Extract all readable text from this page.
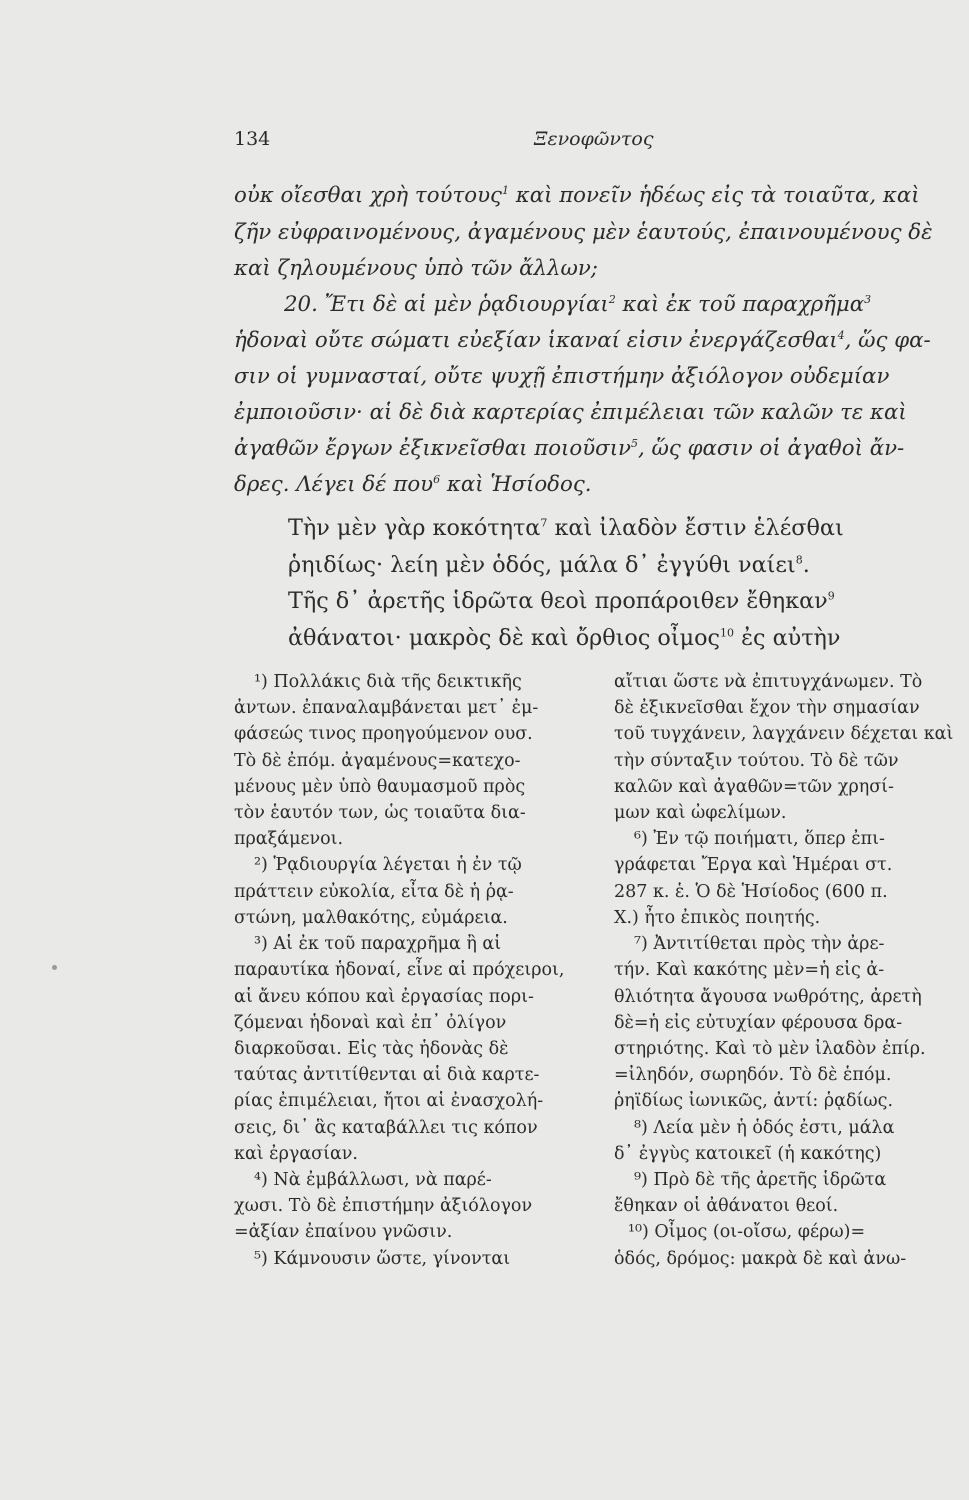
134	Ξενοφῶντος
οὐκ οἴεσθαι χρὴ τούτους$^1$ καὶ πονεῖν ἡδέως εἰς τὰ τοιαῦτα, καὶ
ζῆν εὐφραινομένους, ἀγαμένους μὲν ἑαυτούς, ἐπαινουμένους δὲ
καὶ ζηλουμένους ὑπὸ τῶν ἄλλων;
20. Ἔτι δὲ αἱ μὲν ῥᾳδιουργίαι$^2$ καὶ ἐκ τοῦ παραχρῆμα$^3$
ἡδοναὶ οὔτε σώματι εὐεξίαν ἱκαναί εἰσιν ἐνεργάζεσθαι$^4$, ὥς φα-
σιν οἱ γυμνασταί, οὔτε ψυχῇ ἐπιστήμην ἀξιόλογον οὐδεμίαν
ἐμποιοῦσιν· αἱ δὲ διὰ καρτερίας ἐπιμέλειαι τῶν καλῶν τε καὶ
ἀγαθῶν ἔργων ἐξικνεῖσθαι ποιοῦσιν$^5$, ὥς φασιν οἱ ἀγαθοὶ ἄν-
δρες. Λέγει δέ που$^6$ καὶ Ἡσίοδος.
Τὴν μὲν γὰρ κοκότητα$^7$ καὶ ἰλαδὸν ἔστιν ἑλέσθαι
ῥηιδίως· λείη μὲν ὁδός, μάλα δ᾽ ἐγγύθι ναίει$^8$.
Τῆς δ᾽ ἀρετῆς ἱδρῶτα θεοὶ προπάροιθεν ἔθηκαν$^9$
ἀθάνατοι· μακρὸς δὲ καὶ ὄρθιος οἶμος$^{10}$ ἐς αὐτὴν
¹) Πολλάκις διὰ τῆς δεικτικῆς
ἀντων. ἐπαναλαμβάνεται μετ᾽ ἐμ-
φάσεώς τινος προηγούμενον ουσ.
Τὸ δὲ ἐπόμ. ἀγαμένους=κατεχο-
μένους μὲν ὑπὸ θαυμασμοῦ πρὸς
τὸν ἑαυτόν των, ὡς τοιαῦτα δια-
πραξάμενοι.
²) Ῥᾳδιουργία λέγεται ἡ ἐν τῷ
πράττειν εὐκολία, εἶτα δὲ ἡ ῥᾳ-
στώνη, μαλθακότης, εὐμάρεια.
³) Αἱ ἐκ τοῦ παραχρῆμα ἢ αἱ
παραυτίκα ἡδοναί, εἶνε αἱ πρόχειροι,
αἱ ἄνευ κόπου καὶ ἐργασίας πορι-
ζόμεναι ἡδοναὶ καὶ ἐπ᾽ ὀλίγον
διαρκοῦσαι. Εἰς τὰς ἡδονὰς δὲ
ταύτας ἀντιτίθενται αἱ διὰ καρτε-
ρίας ἐπιμέλειαι, ἤτοι αἱ ἐνασχολή-
σεις, δι᾽ ἃς καταβάλλει τις κόπον
καὶ ἐργασίαν.
⁴) Νὰ ἐμβάλλωσι, νὰ παρέ-
χωσι. Τὸ δὲ ἐπιστήμην ἀξιόλογον
=ἀξίαν ἐπαίνου γνῶσιν.
⁵) Κάμνουσιν ὥστε, γίνονται
αἴτιαι ὥστε νὰ ἐπιτυγχάνωμεν. Τὸ
δὲ ἐξικνεῖσθαι ἔχον τὴν σημασίαν
τοῦ τυγχάνειν, λαγχάνειν δέχεται καὶ
τὴν σύνταξιν τούτου. Τὸ δὲ τῶν
καλῶν καὶ ἀγαθῶν=τῶν χρησί-
μων καὶ ὠφελίμων.
⁶) Ἐν τῷ ποιήματι, ὅπερ ἐπι-
γράφεται Ἔργα καὶ Ἡμέραι στ.
287 κ. ἑ. Ὁ δὲ Ἡσίοδος (600 π.
Χ.) ἦτο ἐπικὸς ποιητής.
⁷) Ἀντιτίθεται πρὸς τὴν ἀρε-
τήν. Καὶ κακότης μὲν=ἡ εἰς ἀ-
θλιότητα ἄγουσα νωθρότης, ἀρετὴ
δὲ=ἡ εἰς εὐτυχίαν φέρουσα δρα-
στηριότης. Καὶ τὸ μὲν ἰλαδὸν ἐπίρ.
=ἰληδόν, σωρηδόν. Τὸ δὲ ἑπόμ.
ῥηϊδίως ἰωνικῶς, ἀντί: ῥᾳδίως.
⁸) Λεία μὲν ἡ ὁδός ἐστι, μάλα
δ᾽ ἐγγὺς κατοικεῖ (ἡ κακότης)
⁹) Πρὸ δὲ τῆς ἀρετῆς ἱδρῶτα
ἔθηκαν οἱ ἀθάνατοι θεοί.
¹⁰) Οἶμος (οι-οἴσω, φέρω)=
ὁδός, δρόμος: μακρὰ δὲ καὶ ἀνω-
